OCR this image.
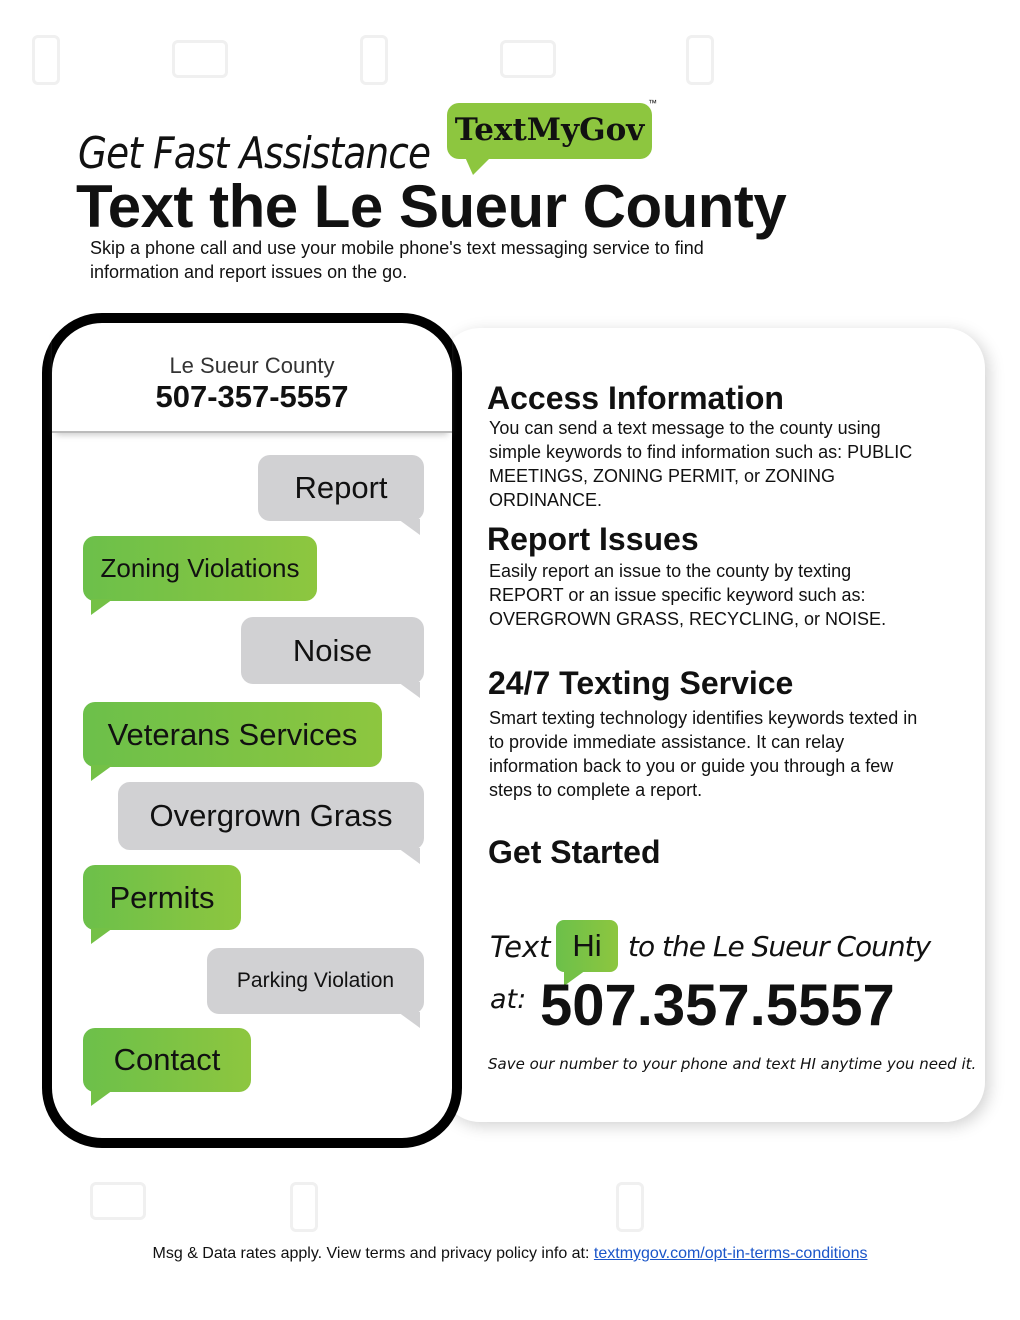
Get Fast Assistance TextMyGov
™
Text the Le Sueur County
Skip a phone call and use your mobile phone's text messaging service to find information and report issues on the go.
Le Sueur County
507-357-5557
Report
Zoning Violations
Noise
Veterans Services
Overgrown Grass
Permits
Parking Violation
Contact
Access Information
You can send a text message to the county using simple keywords to find information such as: PUBLIC MEETINGS, ZONING PERMIT, or ZONING ORDINANCE.
Report Issues
Easily report an issue to the county by texting REPORT or an issue specific keyword such as: OVERGROWN GRASS, RECYCLING, or NOISE.
24/7 Texting Service
Smart texting technology identifies keywords texted in to provide immediate assistance. It can relay information back to you or guide you through a few steps to complete a report.
Get Started
Text Hi to the Le Sueur County
at: 507.357.5557
Save our number to your phone and text HI anytime you need it.
Msg & Data rates apply. View terms and privacy policy info at: textmygov.com/opt-in-terms-conditions
